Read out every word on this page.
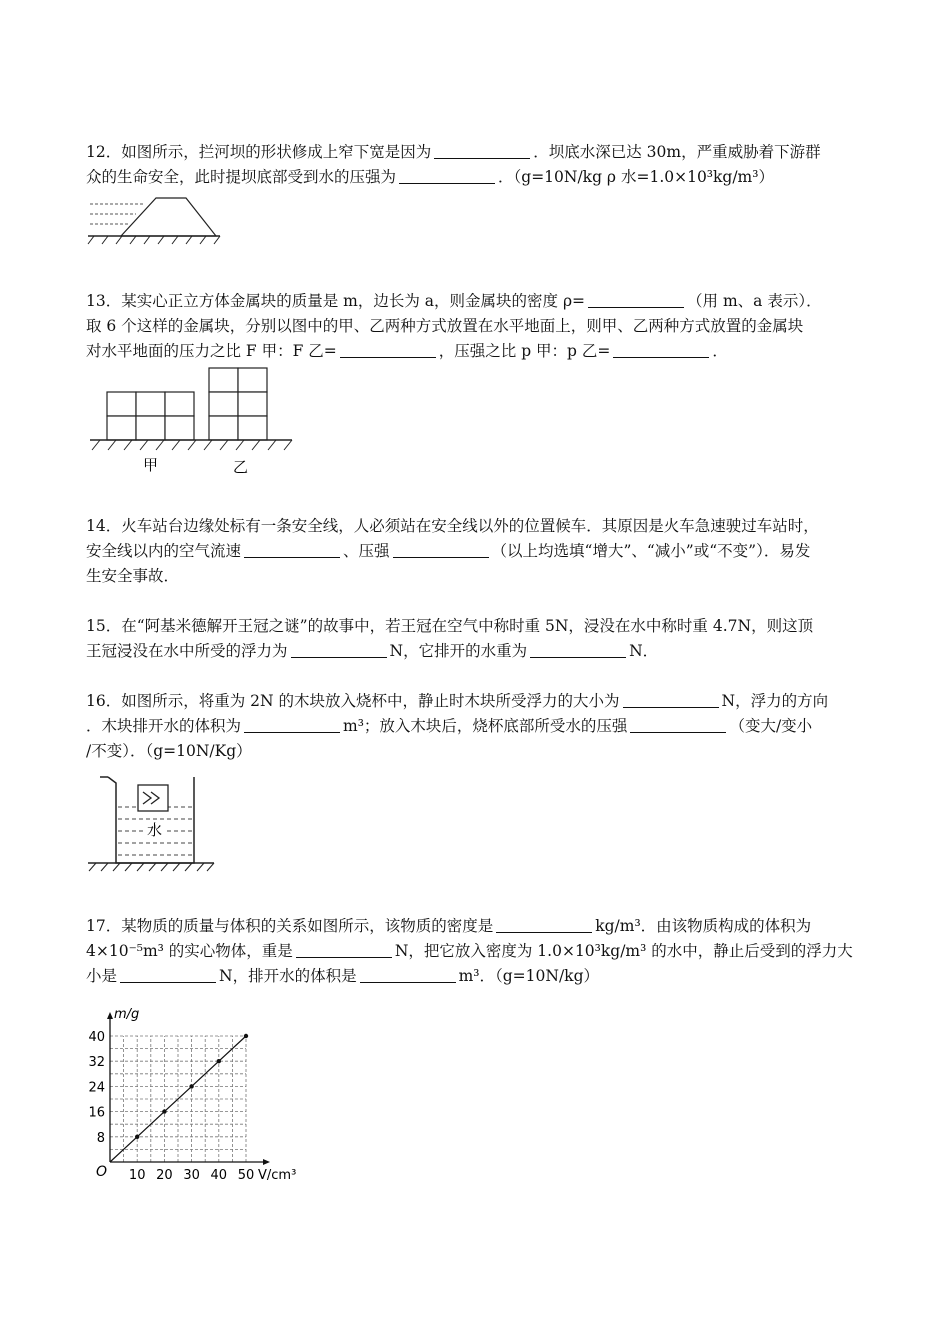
12．如图所示，拦河坝的形状修成上窄下宽是因为	．坝底水深已达 30m，严重威胁着下游群
众的生命安全，此时提坝底部受到水的压强为	．（g=10N/kg ρ 水=1.0×10³kg/m³）
13．某实心正立方体金属块的质量是 m，边长为 a，则金属块的密度 ρ=	（用 m、a 表示）．
取 6 个这样的金属块，分别以图中的甲、乙两种方式放置在水平地面上，则甲、乙两种方式放置的金属块
对水平地面的压力之比 F 甲：F 乙=	，压强之比 p 甲：p 乙=	．
甲	乙
14．火车站台边缘处标有一条安全线，人必须站在安全线以外的位置候车．其原因是火车急速驶过车站时，
安全线以内的空气流速	、压强	（以上均选填“增大”、“减小”或“不变”）．易发
生安全事故．
15．在“阿基米德解开王冠之谜”的故事中，若王冠在空气中称时重 5N，浸没在水中称时重 4.7N，则这顶
王冠浸没在水中所受的浮力为	N，它排开的水重为	N．
16．如图所示，将重为 2N 的木块放入烧杯中，静止时木块所受浮力的大小为	N，浮力的方向
．木块排开水的体积为	m³；放入木块后，烧杯底部所受水的压强	（变大/变小
/不变）．（g=10N/Kg）
水
17．某物质的质量与体积的关系如图所示，该物质的密度是	kg/m³．由该物质构成的体积为
4×10⁻⁵m³ 的实心物体，重是	N，把它放入密度为 1.0×10³kg/m³ 的水中，静止后受到的浮力大
小是	N，排开水的体积是	m³．（g=10N/kg）
10 20 30 40 50
8
16
24
32
40
O	V/cm³
m/g
